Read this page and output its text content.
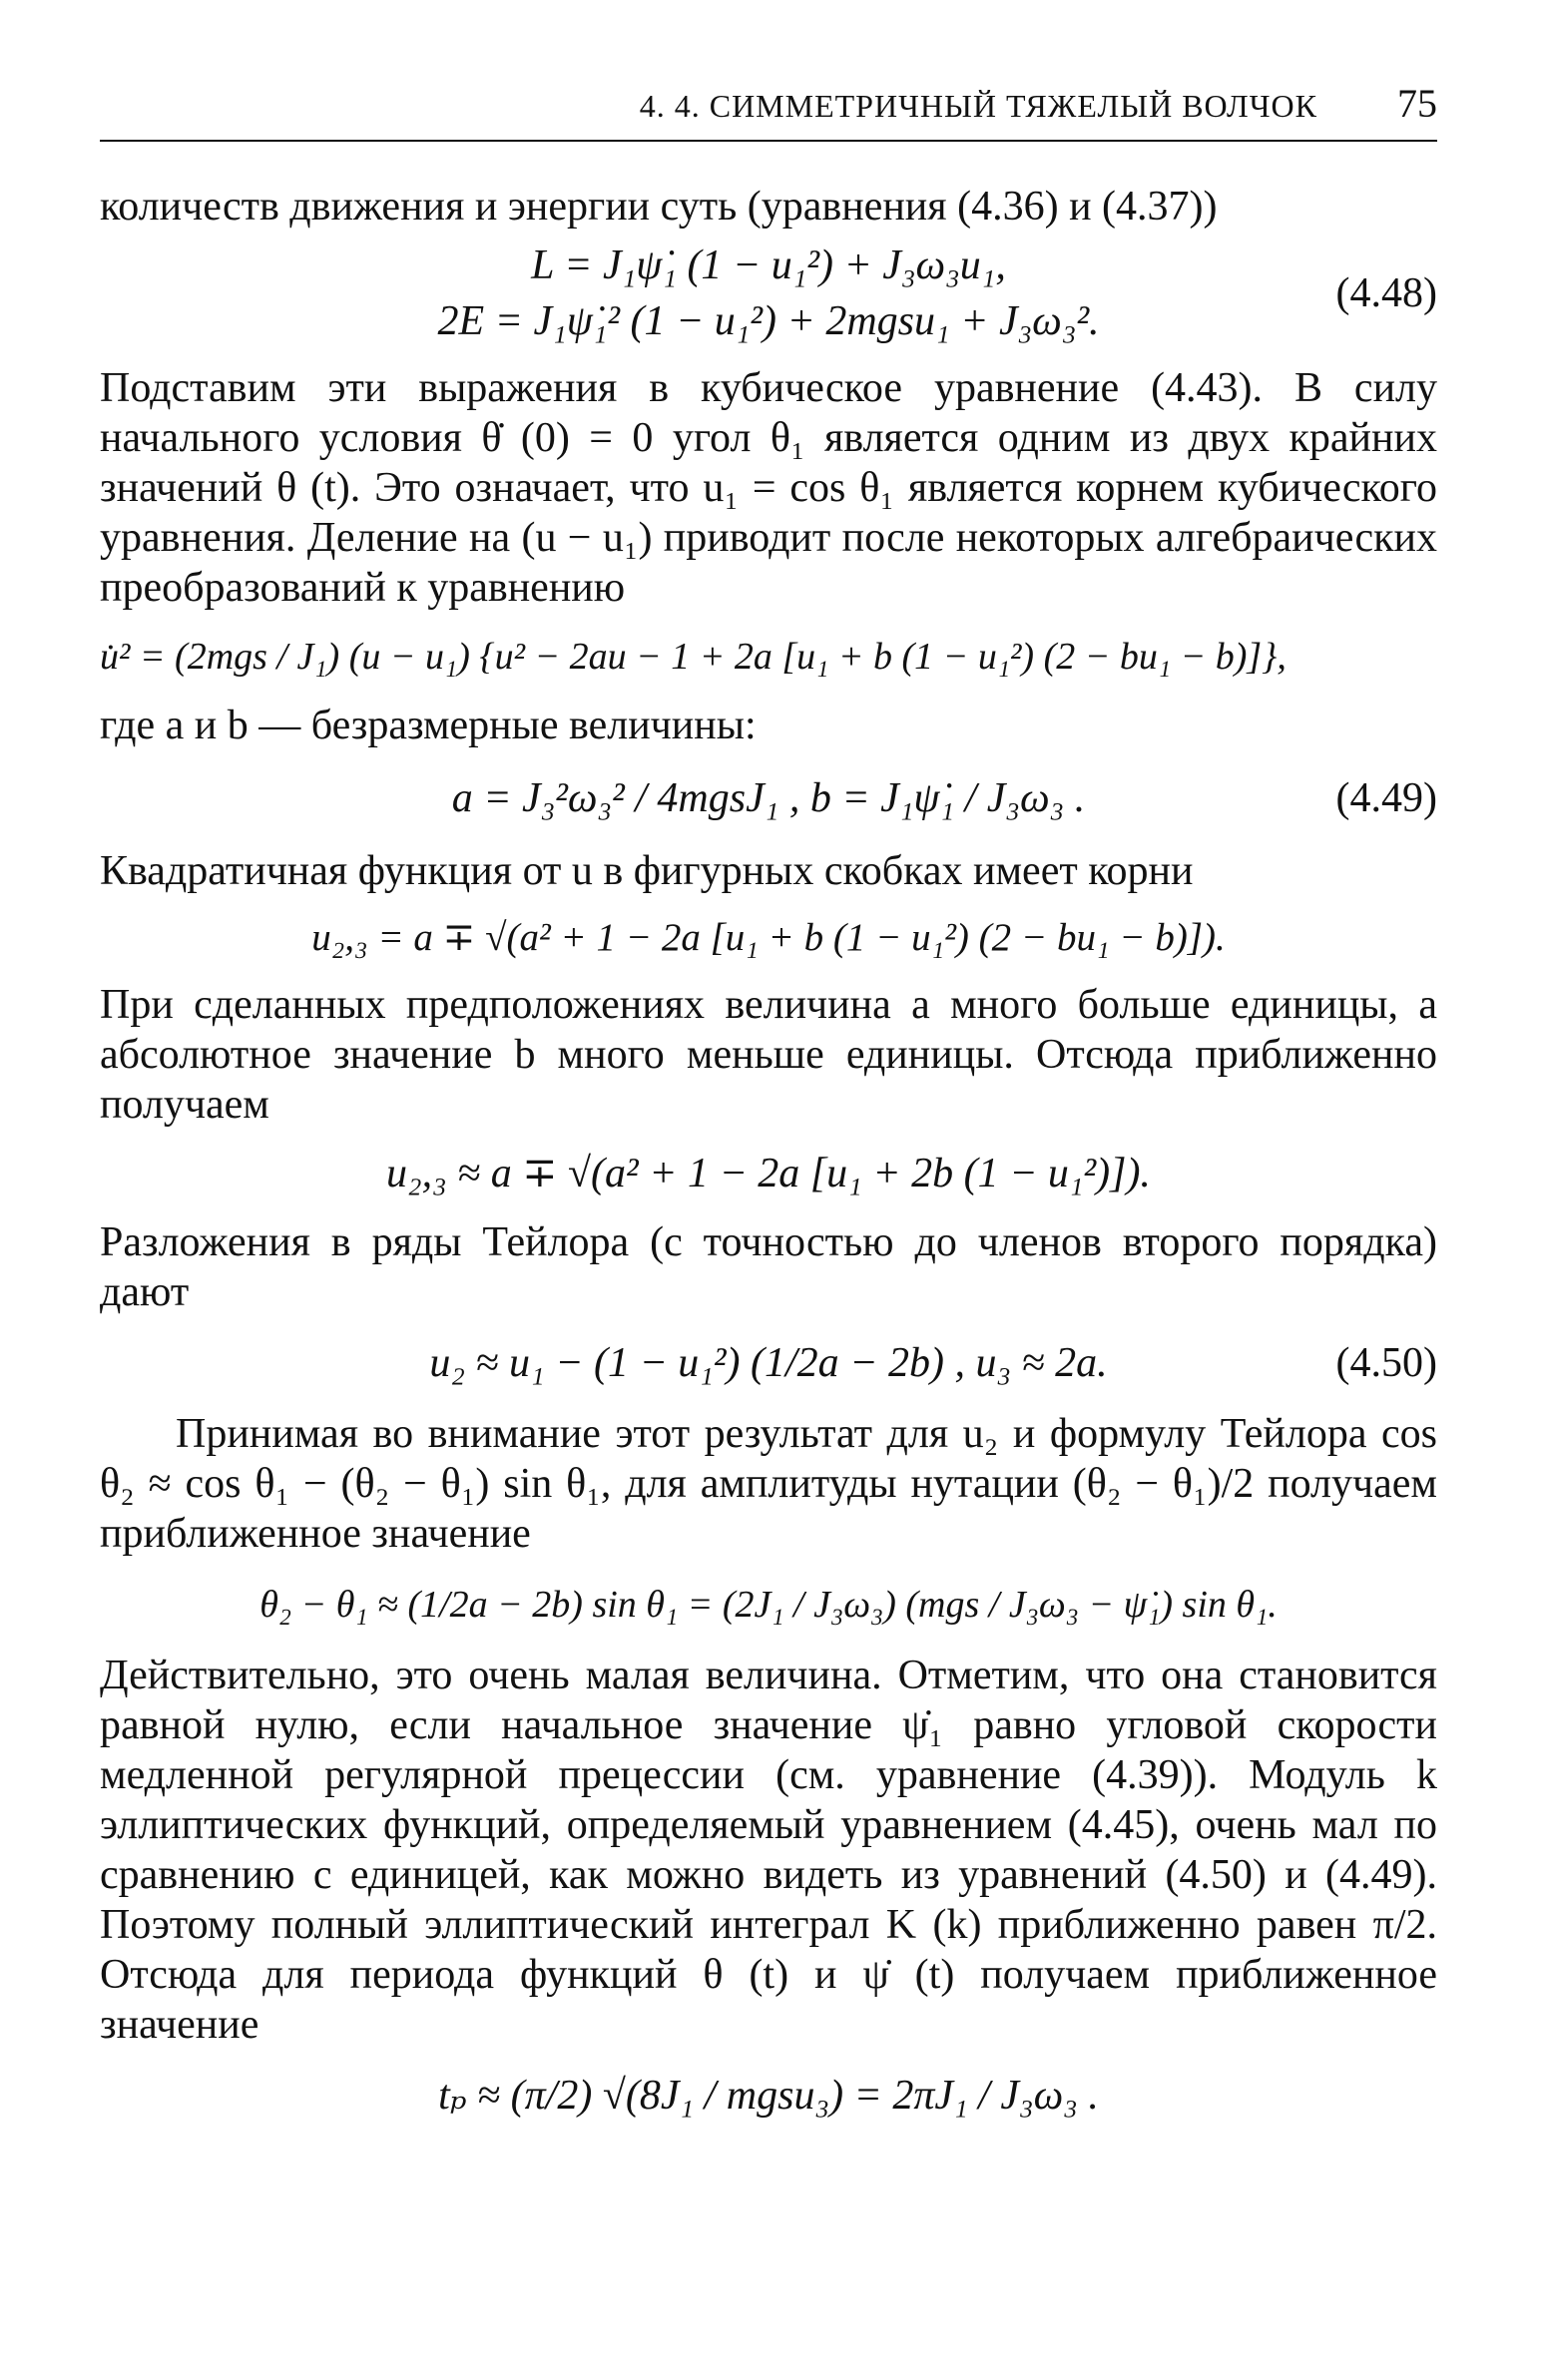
4. 4. СИММЕТРИЧНЫЙ ТЯЖЕЛЫЙ ВОЛЧОК 75

количеств движения и энергии суть (уравнения (4.36) и (4.37))

L = J₁ψ̇₁ (1 − u₁²) + J₃ω₃u₁,
2E = J₁ψ̇₁² (1 − u₁²) + 2mgsu₁ + J₃ω₃².
(4.48)

Подставим эти выражения в кубическое уравнение (4.43). В силу начального условия θ̇ (0) = 0 угол θ₁ является одним из двух крайних значений θ (t). Это означает, что u₁ = cos θ₁ является корнем кубического уравнения. Деление на (u − u₁) приводит после некоторых алгебраических преобразований к уравнению

u̇² = (2mgs / J₁) (u − u₁) {u² − 2au − 1 + 2a [u₁ + b (1 − u₁²) (2 − bu₁ − b)]},

где a и b — безразмерные величины:

a = J₃²ω₃² / 4mgsJ₁ , b = J₁ψ̇₁ / J₃ω₃ .	(4.49)

Квадратичная функция от u в фигурных скобках имеет корни

u₂,₃ = a ∓ √(a² + 1 − 2a [u₁ + b (1 − u₁²) (2 − bu₁ − b)]).

При сделанных предположениях величина a много больше единицы, а абсолютное значение b много меньше единицы. Отсюда приближенно получаем

u₂,₃ ≈ a ∓ √(a² + 1 − 2a [u₁ + 2b (1 − u₁²)]).

Разложения в ряды Тейлора (с точностью до членов второго порядка) дают

u₂ ≈ u₁ − (1 − u₁²) (1/2a − 2b) , u₃ ≈ 2a.	(4.50)

Принимая во внимание этот результат для u₂ и формулу Тейлора cos θ₂ ≈ cos θ₁ − (θ₂ − θ₁) sin θ₁, для амплитуды нутации (θ₂ − θ₁)/2 получаем приближенное значение

θ₂ − θ₁ ≈ (1/2a − 2b) sin θ₁ = (2J₁ / J₃ω₃) (mgs / J₃ω₃ − ψ̇₁) sin θ₁.

Действительно, это очень малая величина. Отметим, что она становится равной нулю, если начальное значение ψ̇₁ равно угловой скорости медленной регулярной прецессии (см. уравнение (4.39)). Модуль k эллиптических функций, определяемый уравнением (4.45), очень мал по сравнению с единицей, как можно видеть из уравнений (4.50) и (4.49). Поэтому полный эллиптический интеграл K (k) приближенно равен π/2. Отсюда для периода функций θ (t) и ψ̇ (t) получаем приближенное значение

tₚ ≈ (π/2) √(8J₁ / mgsu₃) = 2πJ₁ / J₃ω₃ .
